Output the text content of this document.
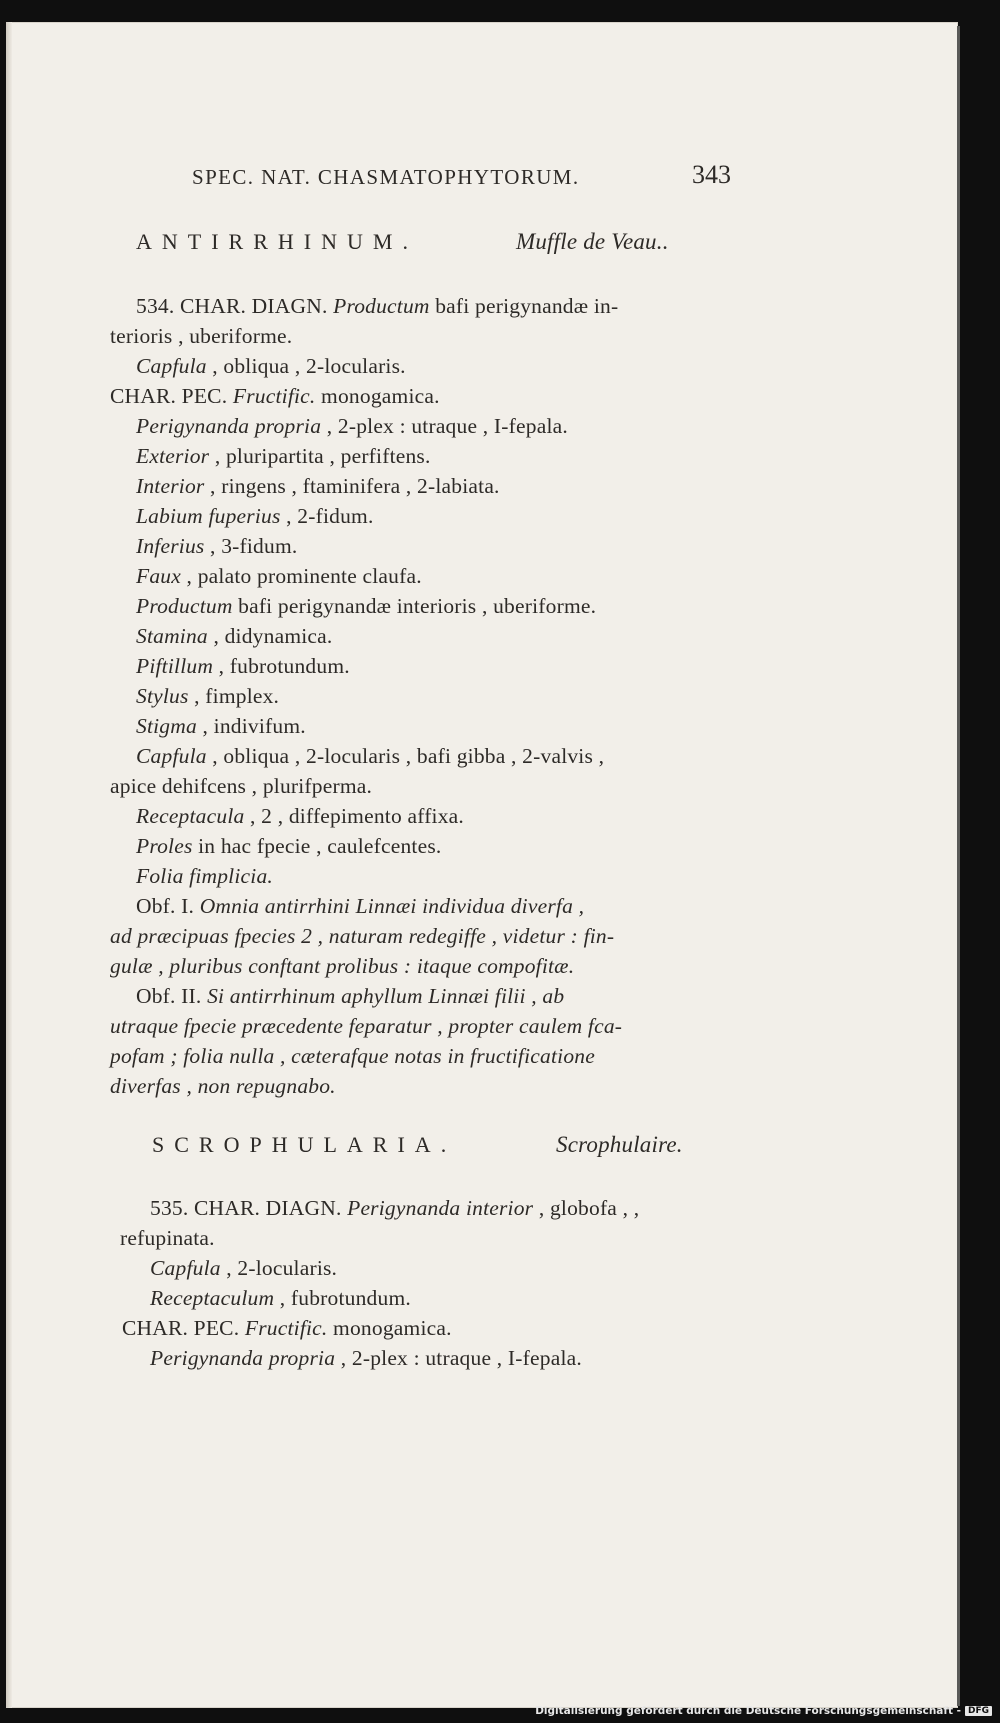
SPEC. NAT. CHASMATOPHYTORUM.	343
ANTIRRHINUM.	Muffle de Veau..
534. CHAR. DIAGN. Productum bafi perigynandæ in-
terioris , uberiforme.
Capfula , obliqua , 2-locularis.
CHAR. PEC. Fructific. monogamica.
Perigynanda propria , 2-plex : utraque , I-fepala.
Exterior , pluripartita , perfiftens.
Interior , ringens , ftaminifera , 2-labiata.
Labium fuperius , 2-fidum.
Inferius , 3-fidum.
Faux , palato prominente claufa.
Productum bafi perigynandæ interioris , uberiforme.
Stamina , didynamica.
Piftillum , fubrotundum.
Stylus , fimplex.
Stigma , indivifum.
Capfula , obliqua , 2-locularis , bafi gibba , 2-valvis ,
apice dehifcens , plurifperma.
Receptacula , 2 , diffepimento affixa.
Proles in hac fpecie , caulefcentes.
Folia fimplicia.
Obf. I. Omnia antirrhini Linnæi individua diverfa ,
ad præcipuas fpecies 2 , naturam redegiffe , videtur : fin-
gulæ , pluribus conftant prolibus : itaque compofitæ.
Obf. II. Si antirrhinum aphyllum Linnæi filii , ab
utraque fpecie præcedente feparatur , propter caulem fca-
pofam ; folia nulla , cæterafque notas in fructificatione
diverfas , non repugnabo.
SCROPHULARIA.	Scrophulaire.
535. CHAR. DIAGN. Perigynanda interior , globofa , ,
refupinata.
Capfula , 2-locularis.
Receptaculum , fubrotundum.
CHAR. PEC. Fructific. monogamica.
Perigynanda propria , 2-plex : utraque , I-fepala.
Digitalisierung gefördert durch die Deutsche Forschungsgemeinschaft - DFG
